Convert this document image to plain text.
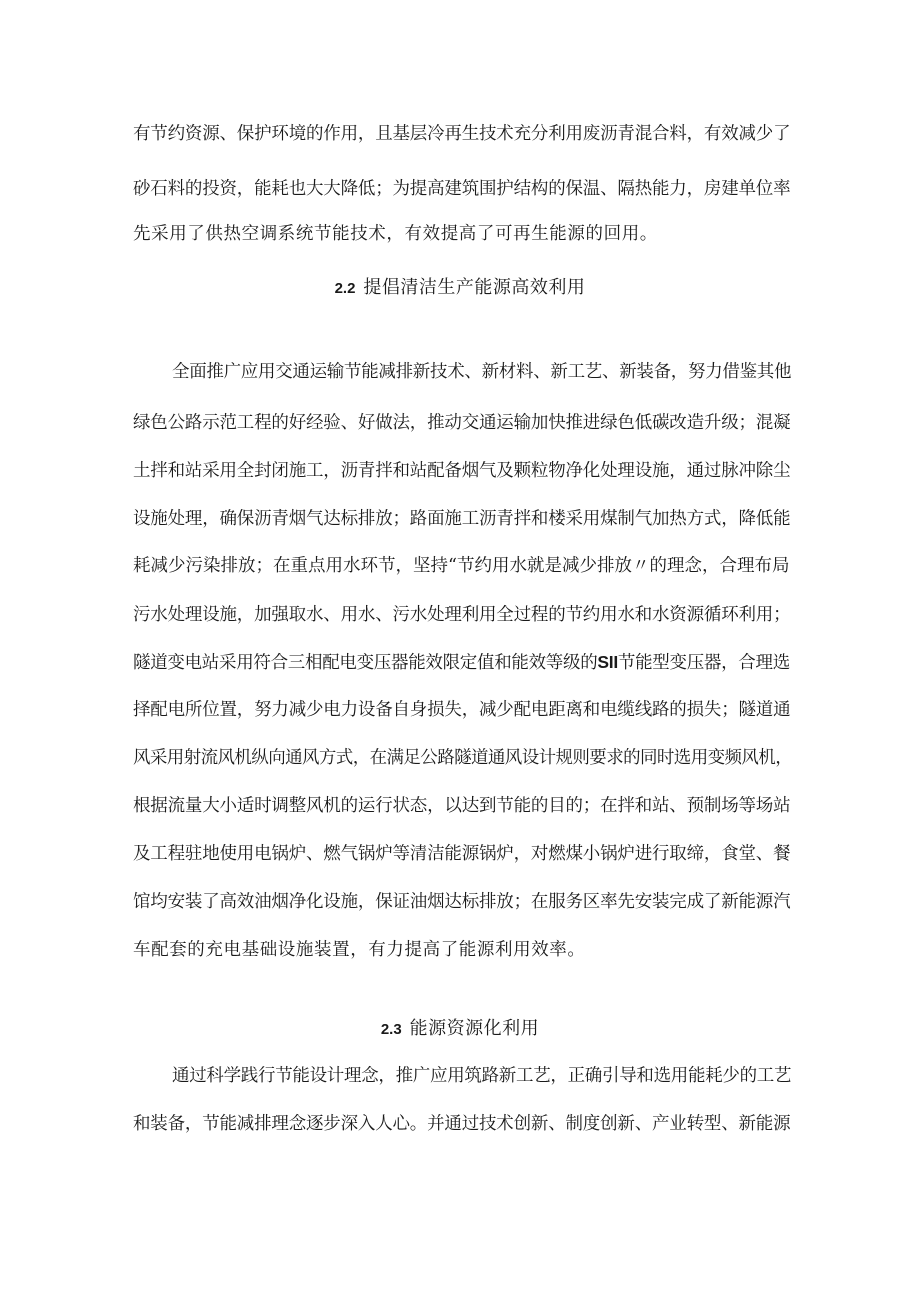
有节约资源、保护环境的作用，且基层冷再生技术充分利用废沥青混合料，有效减少了
砂石料的投资，能耗也大大降低；为提高建筑围护结构的保温、隔热能力，房建单位率
先采用了供热空调系统节能技术，有效提高了可再生能源的回用。
2.2 提倡清洁生产能源高效利用
全面推广应用交通运输节能减排新技术、新材料、新工艺、新装备，努力借鉴其他
绿色公路示范工程的好经验、好做法，推动交通运输加快推进绿色低碳改造升级；混凝
土拌和站采用全封闭施工，沥青拌和站配备烟气及颗粒物净化处理设施，通过脉冲除尘
设施处理，确保沥青烟气达标排放；路面施工沥青拌和楼采用煤制气加热方式，降低能
耗减少污染排放；在重点用水环节，坚持“节约用水就是减少排放〃的理念，合理布局
污水处理设施，加强取水、用水、污水处理利用全过程的节约用水和水资源循环利用；
隧道变电站采用符合三相配电变压器能效限定值和能效等级的SII节能型变压器，合理选
择配电所位置，努力减少电力设备自身损失，减少配电距离和电缆线路的损失；隧道通
风采用射流风机纵向通风方式，在满足公路隧道通风设计规则要求的同时选用变频风机，
根据流量大小适时调整风机的运行状态，以达到节能的目的；在拌和站、预制场等场站
及工程驻地使用电锅炉、燃气锅炉等清洁能源锅炉，对燃煤小锅炉进行取缔，食堂、餐
馆均安装了高效油烟净化设施，保证油烟达标排放；在服务区率先安装完成了新能源汽
车配套的充电基础设施装置，有力提高了能源利用效率。
2.3 能源资源化利用
通过科学践行节能设计理念，推广应用筑路新工艺，正确引导和选用能耗少的工艺
和装备，节能减排理念逐步深入人心。并通过技术创新、制度创新、产业转型、新能源
